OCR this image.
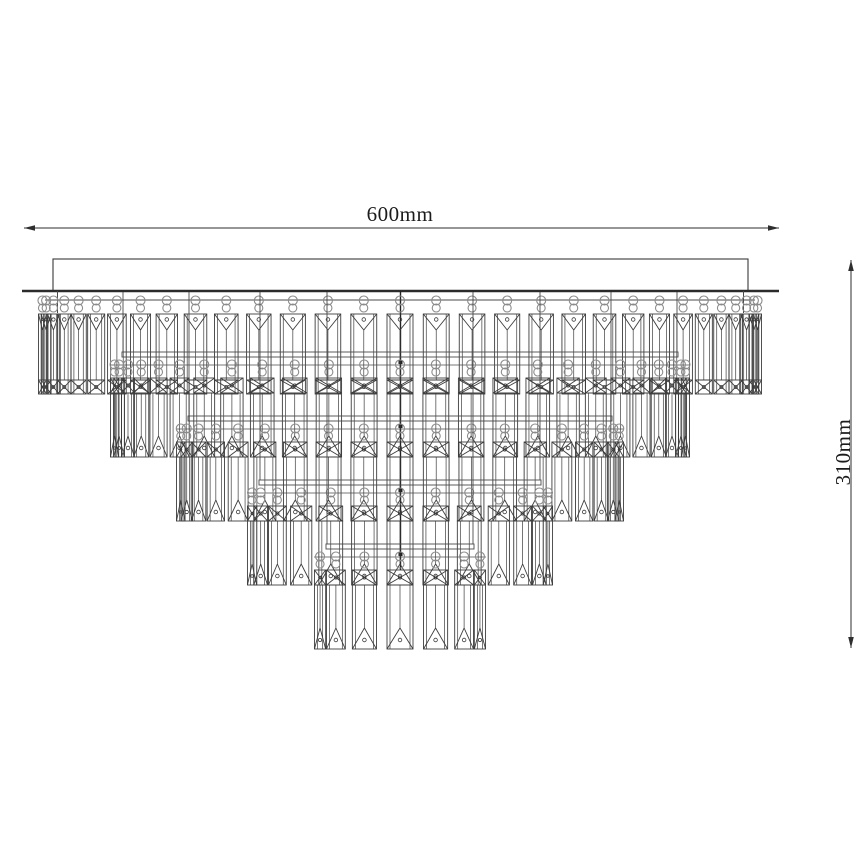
600mm
310mm
